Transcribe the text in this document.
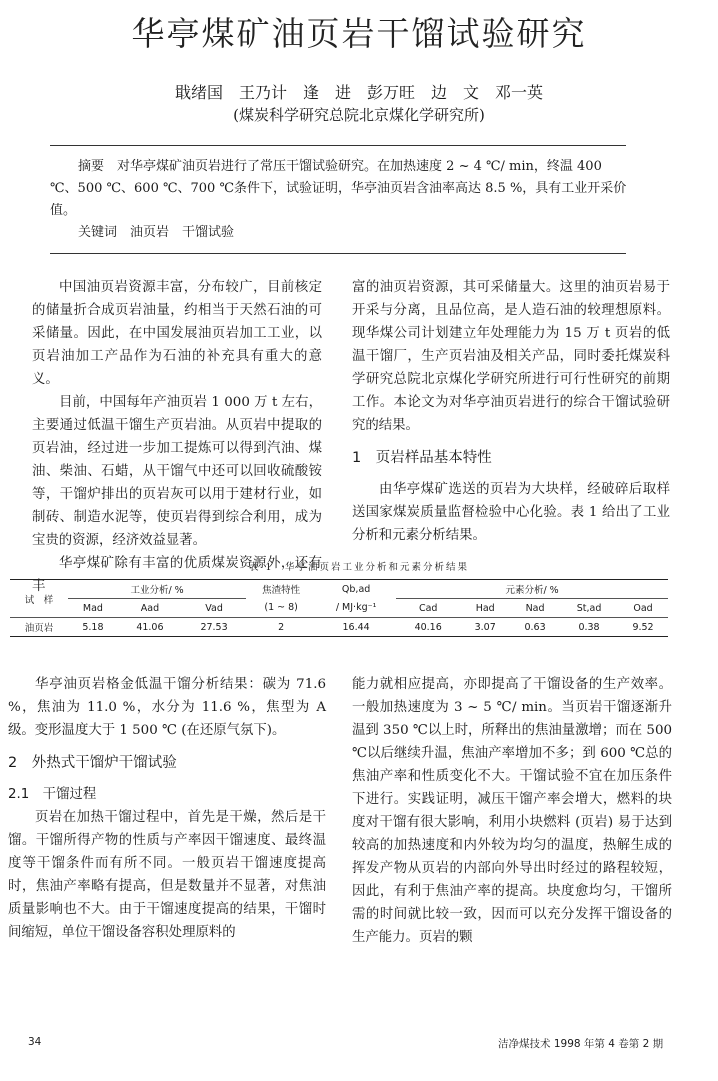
华亭煤矿油页岩干馏试验研究
戢绪国　王乃计　逢　进　彭万旺　边　文　邓一英
(煤炭科学研究总院北京煤化学研究所)

摘要　 对华亭煤矿油页岩进行了常压干馏试验研究。在加热速度 2 ~ 4 ℃/ min，终温 400 ℃、500 ℃、600 ℃、700 ℃条件下，试验证明，华亭油页岩含油率高达 8.5 %，具有工业开采价值。

关键词　 油页岩　干馏试验

中国油页岩资源丰富，分布较广，目前核定的储量折合成页岩油量，约相当于天然石油的可采储量。因此，在中国发展油页岩加工工业，以页岩油加工产品作为石油的补充具有重大的意义。

目前，中国每年产油页岩 1 000 万 t 左右，主要通过低温干馏生产页岩油。从页岩中提取的页岩油，经过进一步加工提炼可以得到汽油、煤油、柴油、石蜡，从干馏气中还可以回收硫酸铵等，干馏炉排出的页岩灰可以用于建材行业，如制砖、制造水泥等，使页岩得到综合利用，成为宝贵的资源，经济效益显著。

华亭煤矿除有丰富的优质煤炭资源外，还有丰

富的油页岩资源，其可采储量大。这里的油页岩易于开采与分离，且品位高，是人造石油的较理想原料。现华煤公司计划建立年处理能力为 15 万 t 页岩的低温干馏厂，生产页岩油及相关产品，同时委托煤炭科学研究总院北京煤化学研究所进行可行性研究的前期工作。本论文为对华亭油页岩进行的综合干馏试验研究的结果。

1　页岩样品基本特性

由华亭煤矿选送的页岩为大块样，经破碎后取样送国家煤炭质量监督检验中心化验。表 1 给出了工业分析和元素分析结果。

表 1　华亭油页岩工业分析和元素分析结果
试　样	工业分析/ %			焦渣特性	Qb,ad	元素分析/ %				
	Mad	Aad	Vad	(1 ~ 8)	/ MJ·kg⁻¹	Cad	Had	Nad	St,ad	Oad
油页岩	5.18	41.06	27.53	2	16.44	40.16	3.07	0.63	0.38	9.52

华亭油页岩格金低温干馏分析结果：碳为 71.6 %，焦油为 11.0 %，水分为 11.6 %，焦型为 A 级。变形温度大于 1 500 ℃ (在还原气氛下)。

2　外热式干馏炉干馏试验
2.1　干馏过程

页岩在加热干馏过程中，首先是干燥，然后是干馏。干馏所得产物的性质与产率因干馏速度、最终温度等干馏条件而有所不同。一般页岩干馏速度提高时，焦油产率略有提高，但是数量并不显著，对焦油质量影响也不大。由于干馏速度提高的结果，干馏时间缩短，单位干馏设备容积处理原料的

能力就相应提高，亦即提高了干馏设备的生产效率。一般加热速度为 3 ~ 5 ℃/ min。当页岩干馏逐渐升温到 350 ℃以上时，所释出的焦油量激增；而在 500 ℃以后继续升温，焦油产率增加不多；到 600 ℃总的焦油产率和性质变化不大。干馏试验不宜在加压条件下进行。实践证明，减压干馏产率会增大，燃料的块度对干馏有很大影响，利用小块燃料 (页岩) 易于达到较高的加热速度和内外较为均匀的温度，热解生成的挥发产物从页岩的内部向外导出时经过的路程较短，因此，有利于焦油产率的提高。块度愈均匀，干馏所需的时间就比较一致，因而可以充分发挥干馏设备的生产能力。页岩的颗

34	洁净煤技术 1998 年第 4 卷第 2 期
